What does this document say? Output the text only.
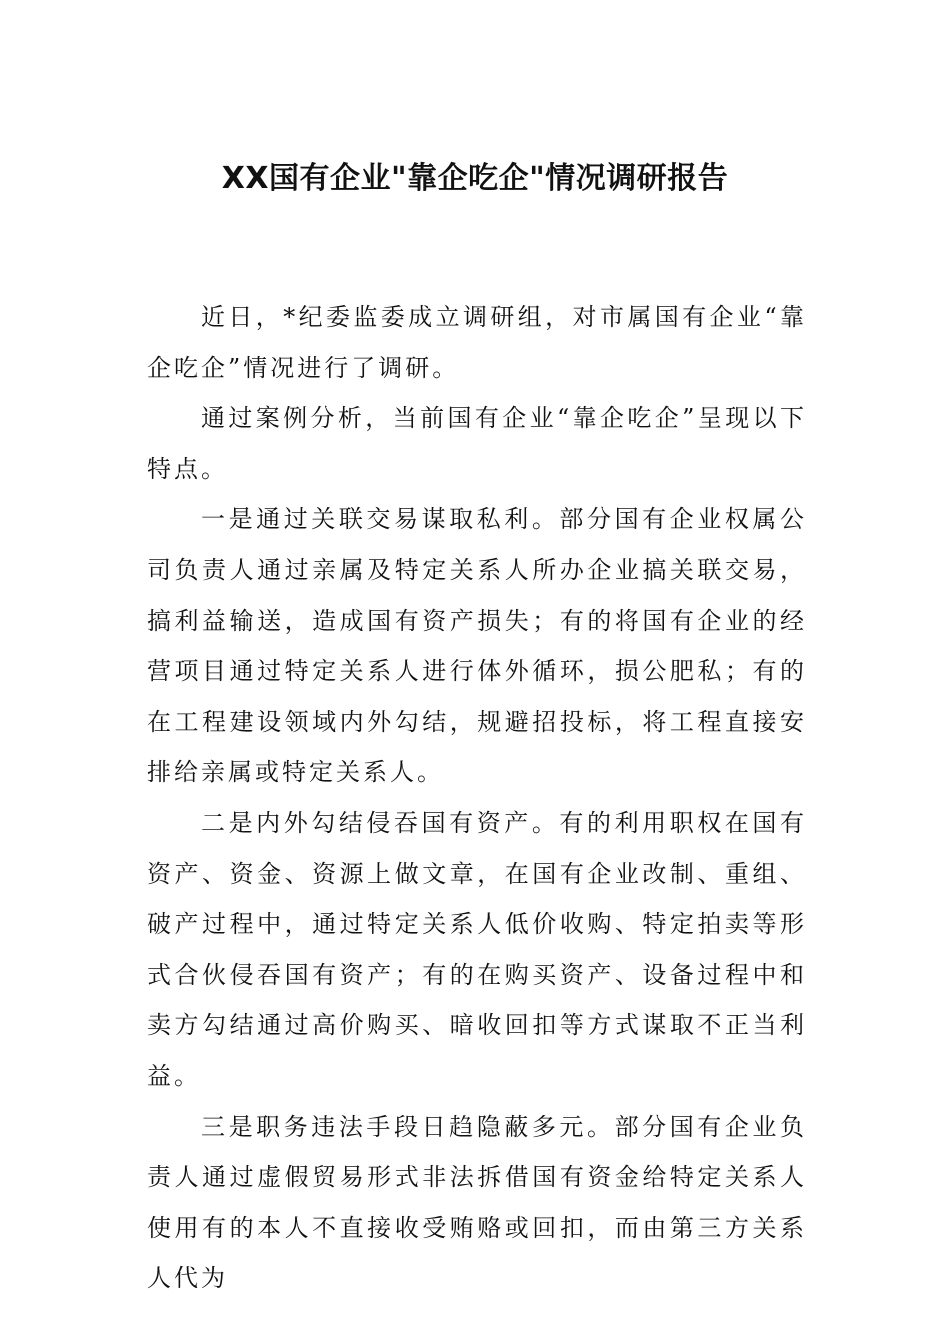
XX国有企业"靠企吃企"情况调研报告

近日，*纪委监委成立调研组，对市属国有企业“靠企吃企”情况进行了调研。

通过案例分析，当前国有企业“靠企吃企”呈现以下特点。

一是通过关联交易谋取私利。部分国有企业权属公司负责人通过亲属及特定关系人所办企业搞关联交易，搞利益输送，造成国有资产损失；有的将国有企业的经营项目通过特定关系人进行体外循环，损公肥私；有的在工程建设领域内外勾结，规避招投标，将工程直接安排给亲属或特定关系人。

二是内外勾结侵吞国有资产。有的利用职权在国有资产、资金、资源上做文章，在国有企业改制、重组、破产过程中，通过特定关系人低价收购、特定拍卖等形式合伙侵吞国有资产；有的在购买资产、设备过程中和卖方勾结通过高价购买、暗收回扣等方式谋取不正当利益。

三是职务违法手段日趋隐蔽多元。部分国有企业负责人通过虚假贸易形式非法拆借国有资金给特定关系人使用有的本人不直接收受贿赂或回扣，而由第三方关系人代为
